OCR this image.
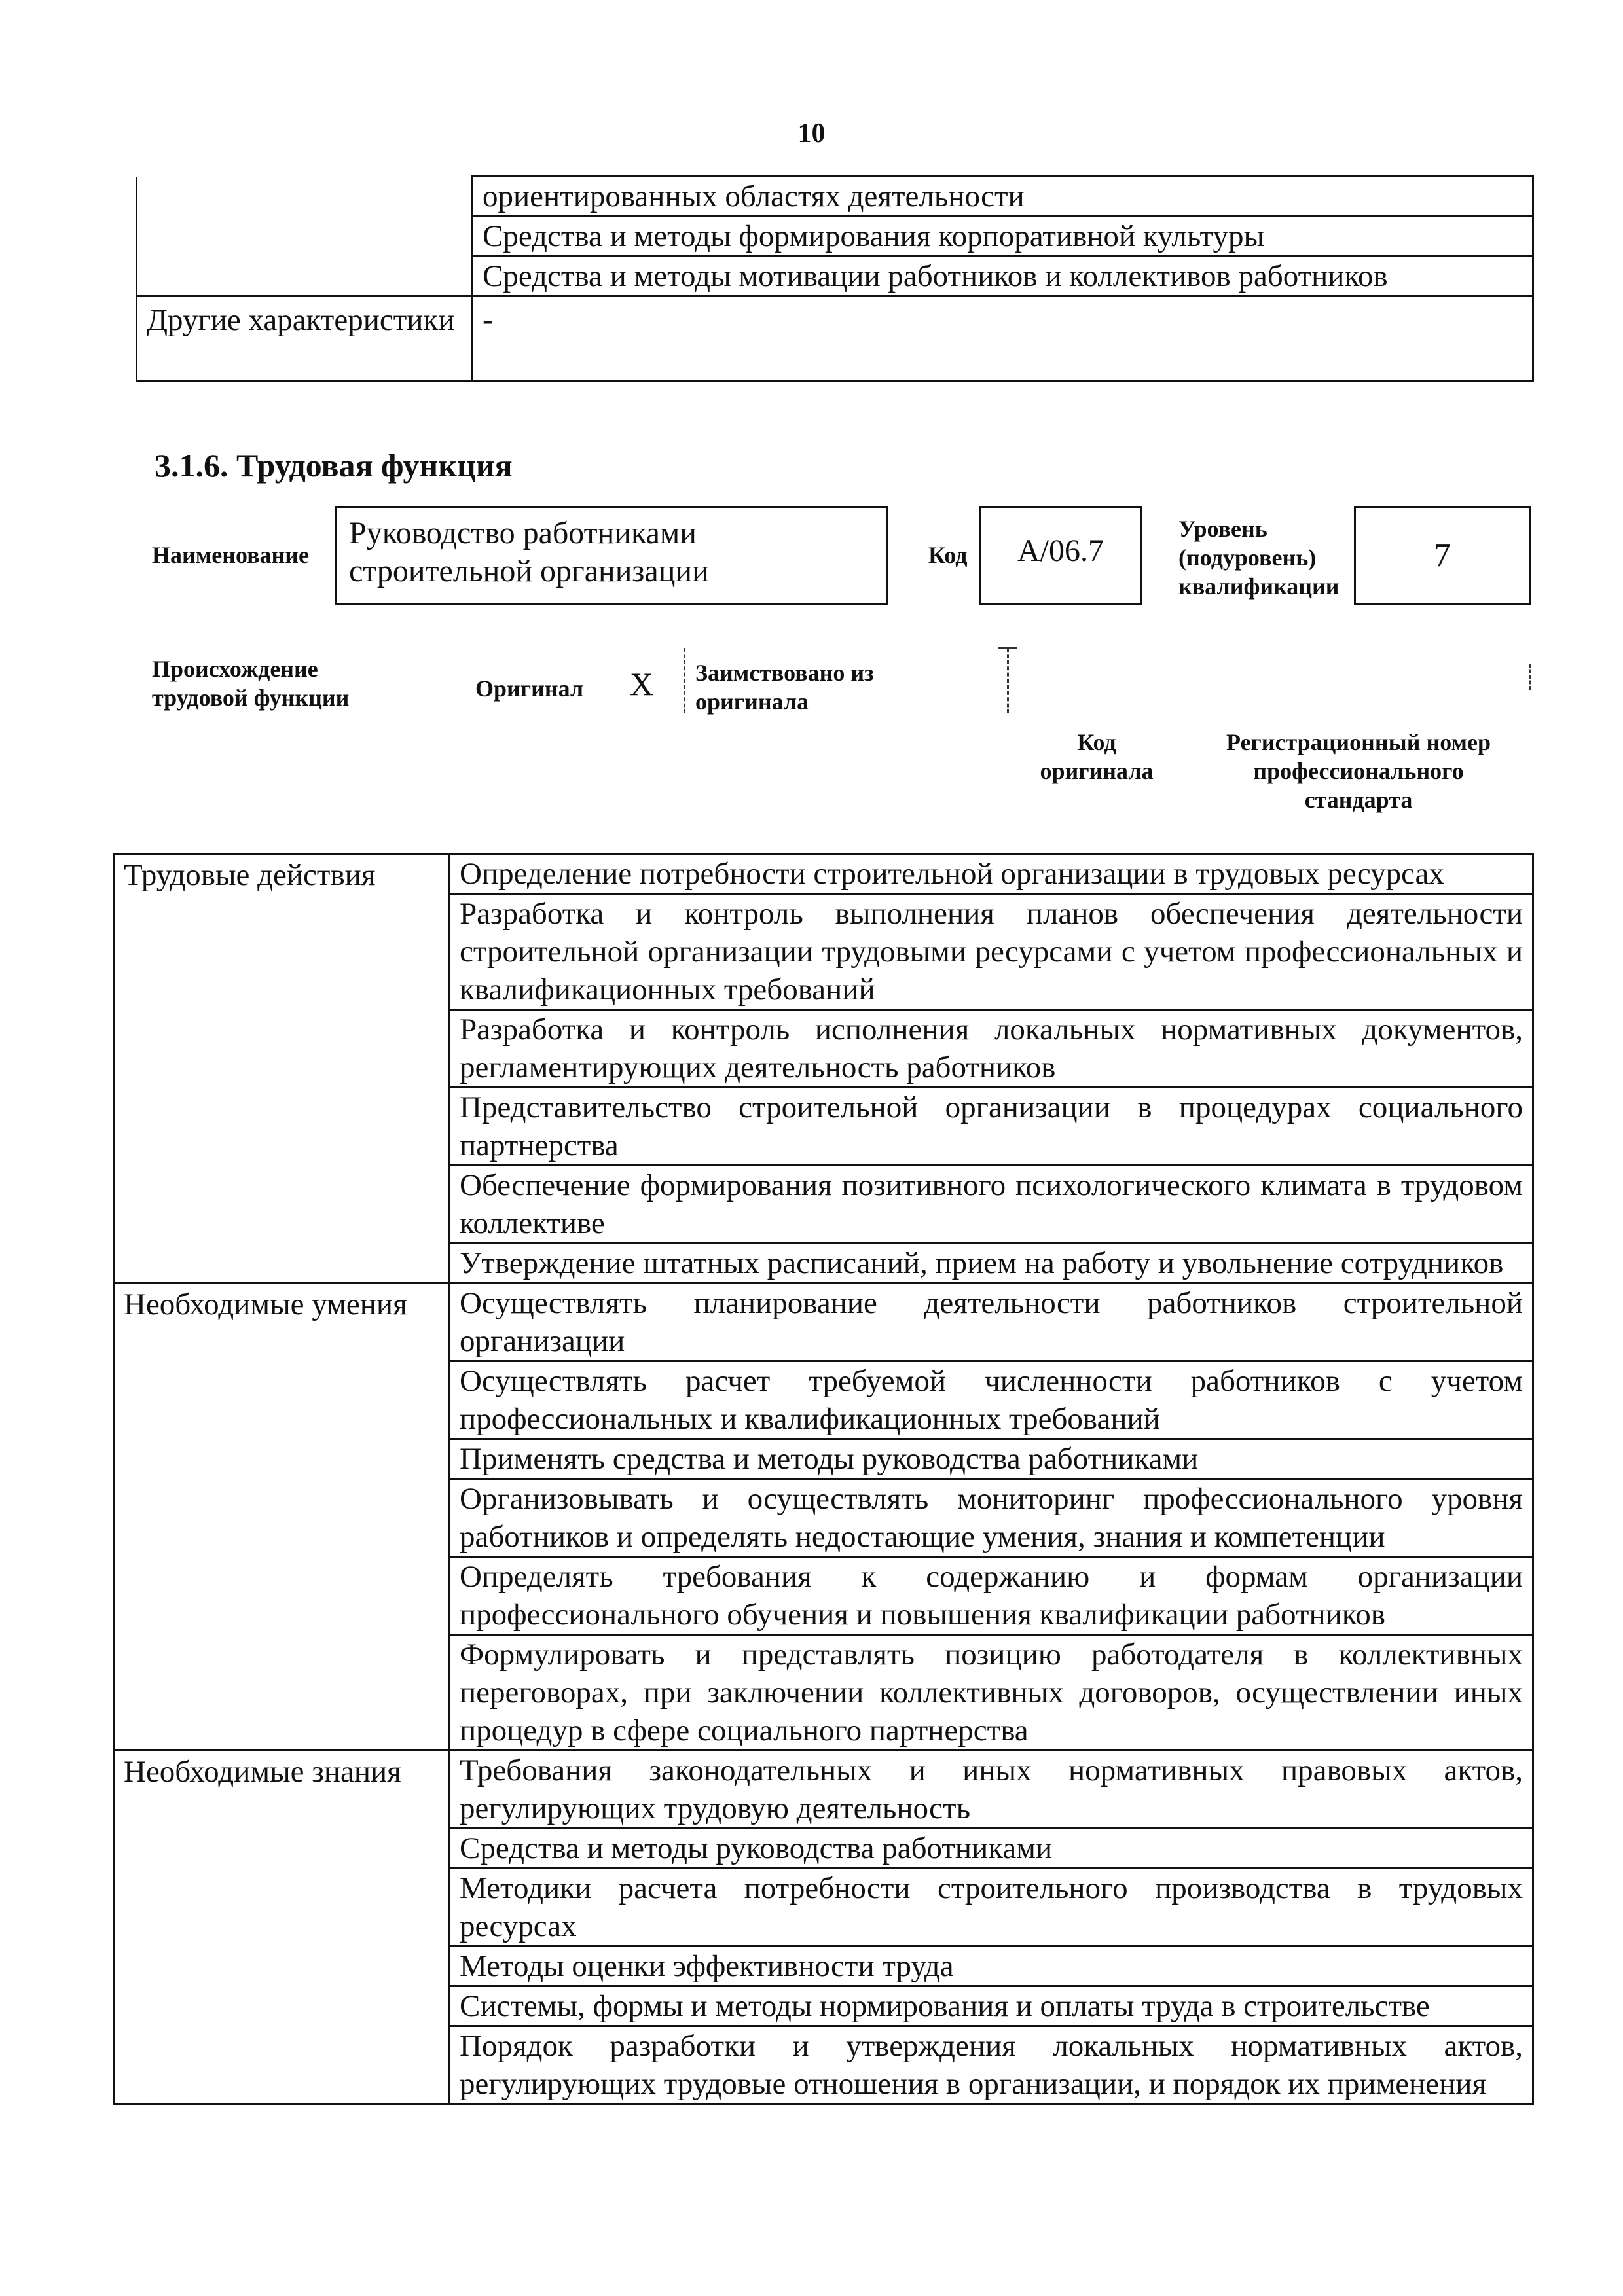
10
	ориентированных областях деятельности
	Средства и методы формирования корпоративной культуры
	Средства и методы мотивации работников и коллективов работников
Другие характеристики	-
3.1.6. Трудовая функция
Наименование
Руководство работниками строительной организации	Код	А/06.7
Уровень (подуровень) квалификации
7
Происхождение трудовой функции	Оригинал X Заимствовано из оригинала
Код оригинала
Регистрационный номер профессионального стандарта
Трудовые действия	Определение потребности строительной организации в трудовых ресурсах
	Разработка и контроль выполнения планов обеспечения деятельности строительной организации трудовыми ресурсами с учетом профессиональных и квалификационных требований
	Разработка и контроль исполнения локальных нормативных документов, регламентирующих деятельность работников
	Представительство строительной организации в процедурах социального партнерства
	Обеспечение формирования позитивного психологического климата в трудовом коллективе
	Утверждение штатных расписаний, прием на работу и увольнение сотрудников
Необходимые умения	Осуществлять планирование деятельности работников строительной организации
	Осуществлять расчет требуемой численности работников с учетом профессиональных и квалификационных требований
	Применять средства и методы руководства работниками
	Организовывать и осуществлять мониторинг профессионального уровня работников и определять недостающие умения, знания и компетенции
	Определять требования к содержанию и формам организации профессионального обучения и повышения квалификации работников
	Формулировать и представлять позицию работодателя в коллективных переговорах, при заключении коллективных договоров, осуществлении иных процедур в сфере социального партнерства
Необходимые знания	Требования законодательных и иных нормативных правовых актов, регулирующих трудовую деятельность
	Средства и методы руководства работниками
	Методики расчета потребности строительного производства в трудовых ресурсах
	Методы оценки эффективности труда
	Системы, формы и методы нормирования и оплаты труда в строительстве
	Порядок разработки и утверждения локальных нормативных актов, регулирующих трудовые отношения в организации, и порядок их применения
